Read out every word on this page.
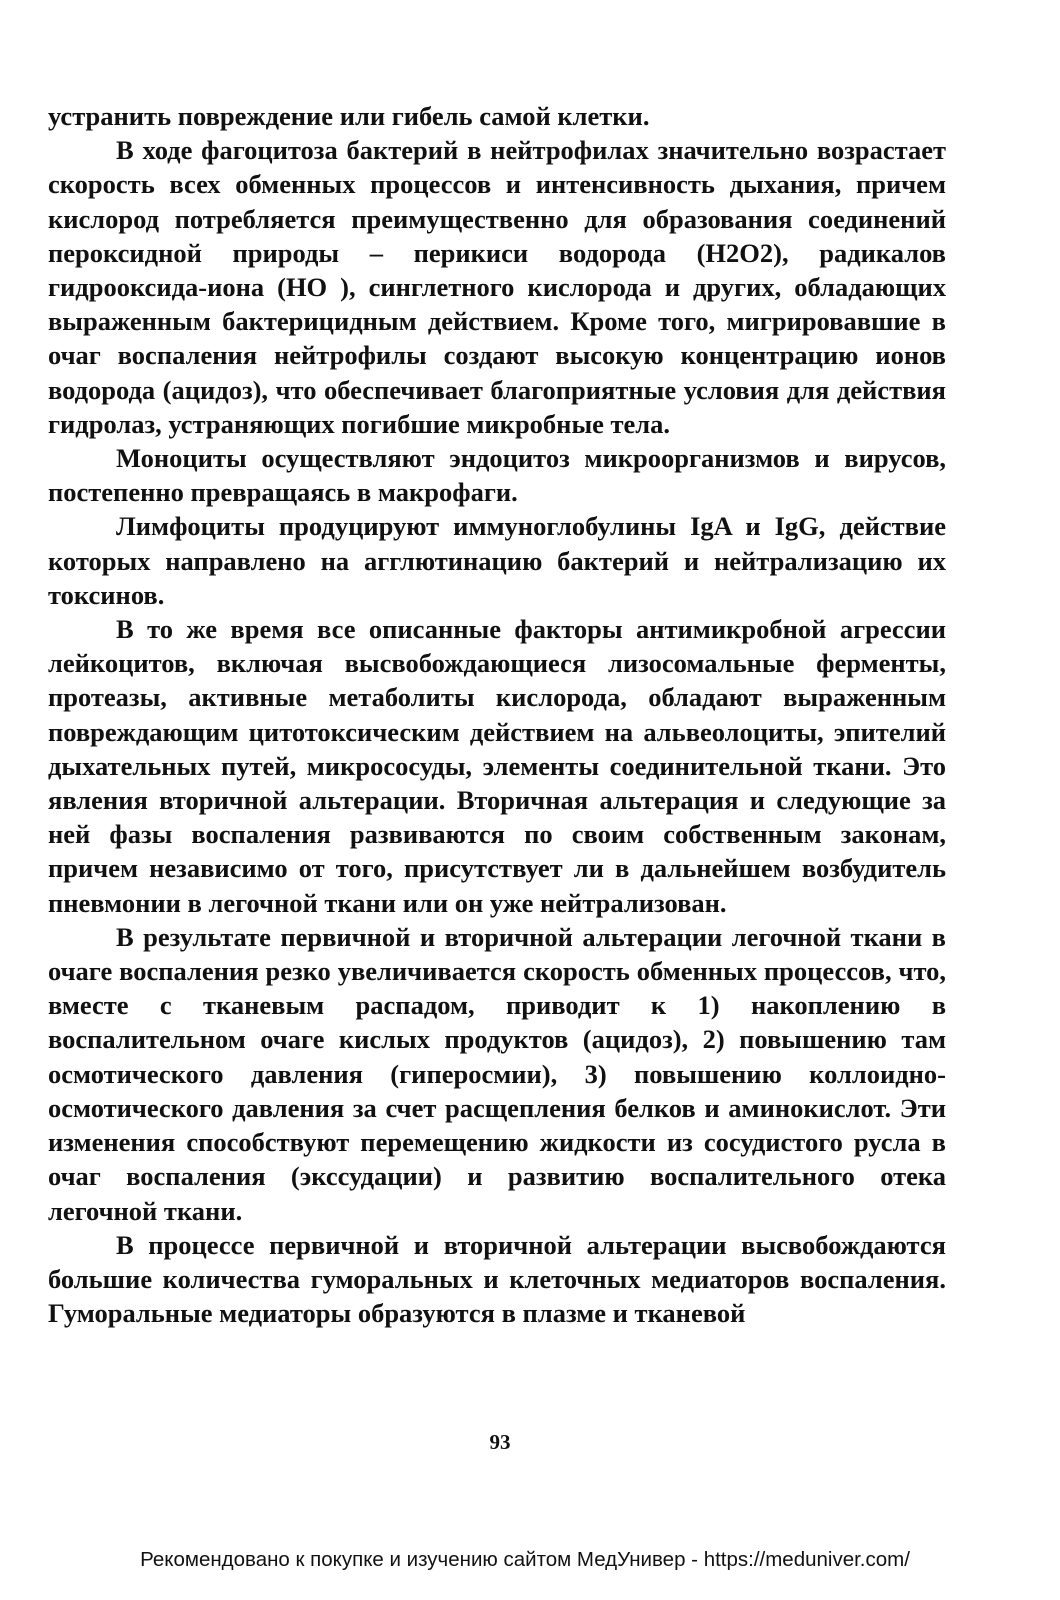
устранить повреждение или гибель самой клетки.

В ходе фагоцитоза бактерий в нейтрофилах значительно возрастает скорость всех обменных процессов и интенсивность дыхания, причем кислород потребляется преимущественно для образования соединений пероксидной природы – перикиси водорода (H2O2), радикалов гидрооксида-иона (HO ), синглетного кислорода и других, обладающих выраженным бактерицидным действием. Кроме того, мигрировавшие в очаг воспаления нейтрофилы создают высокую концентрацию ионов водорода (ацидоз), что обеспечивает благоприятные условия для действия гидролаз, устраняющих погибшие микробные тела.

Моноциты осуществляют эндоцитоз микроорганизмов и вирусов, постепенно превращаясь в макрофаги.

Лимфоциты продуцируют иммуноглобулины IgA и IgG, действие которых направлено на агглютинацию бактерий и нейтрализацию их токсинов.

В то же время все описанные факторы антимикробной агрессии лейкоцитов, включая высвобождающиеся лизосомальные ферменты, протеазы, активные метаболиты кислорода, обладают выраженным повреждающим цитотоксическим действием на альвеолоциты, эпителий дыхательных путей, микрососуды, элементы соединительной ткани. Это явления вторичной альтерации. Вторичная альтерация и следующие за ней фазы воспаления развиваются по своим собственным законам, причем независимо от того, присутствует ли в дальнейшем возбудитель пневмонии в легочной ткани или он уже нейтрализован.

В результате первичной и вторичной альтерации легочной ткани в очаге воспаления резко увеличивается скорость обменных процессов, что, вместе с тканевым распадом, приводит к 1) накоплению в воспалительном очаге кислых продуктов (ацидоз), 2) повышению там осмотического давления (гиперосмии), 3) повышению коллоидно-осмотического давления за счет расщепления белков и аминокислот. Эти изменения способствуют перемещению жидкости из сосудистого русла в очаг воспаления (экссудации) и развитию воспалительного отека легочной ткани.

В процессе первичной и вторичной альтерации высвобождаются большие количества гуморальных и клеточных медиаторов воспаления. Гуморальные медиаторы образуются в плазме и тканевой

93
Рекомендовано к покупке и изучению сайтом МедУнивер - https://meduniver.com/
